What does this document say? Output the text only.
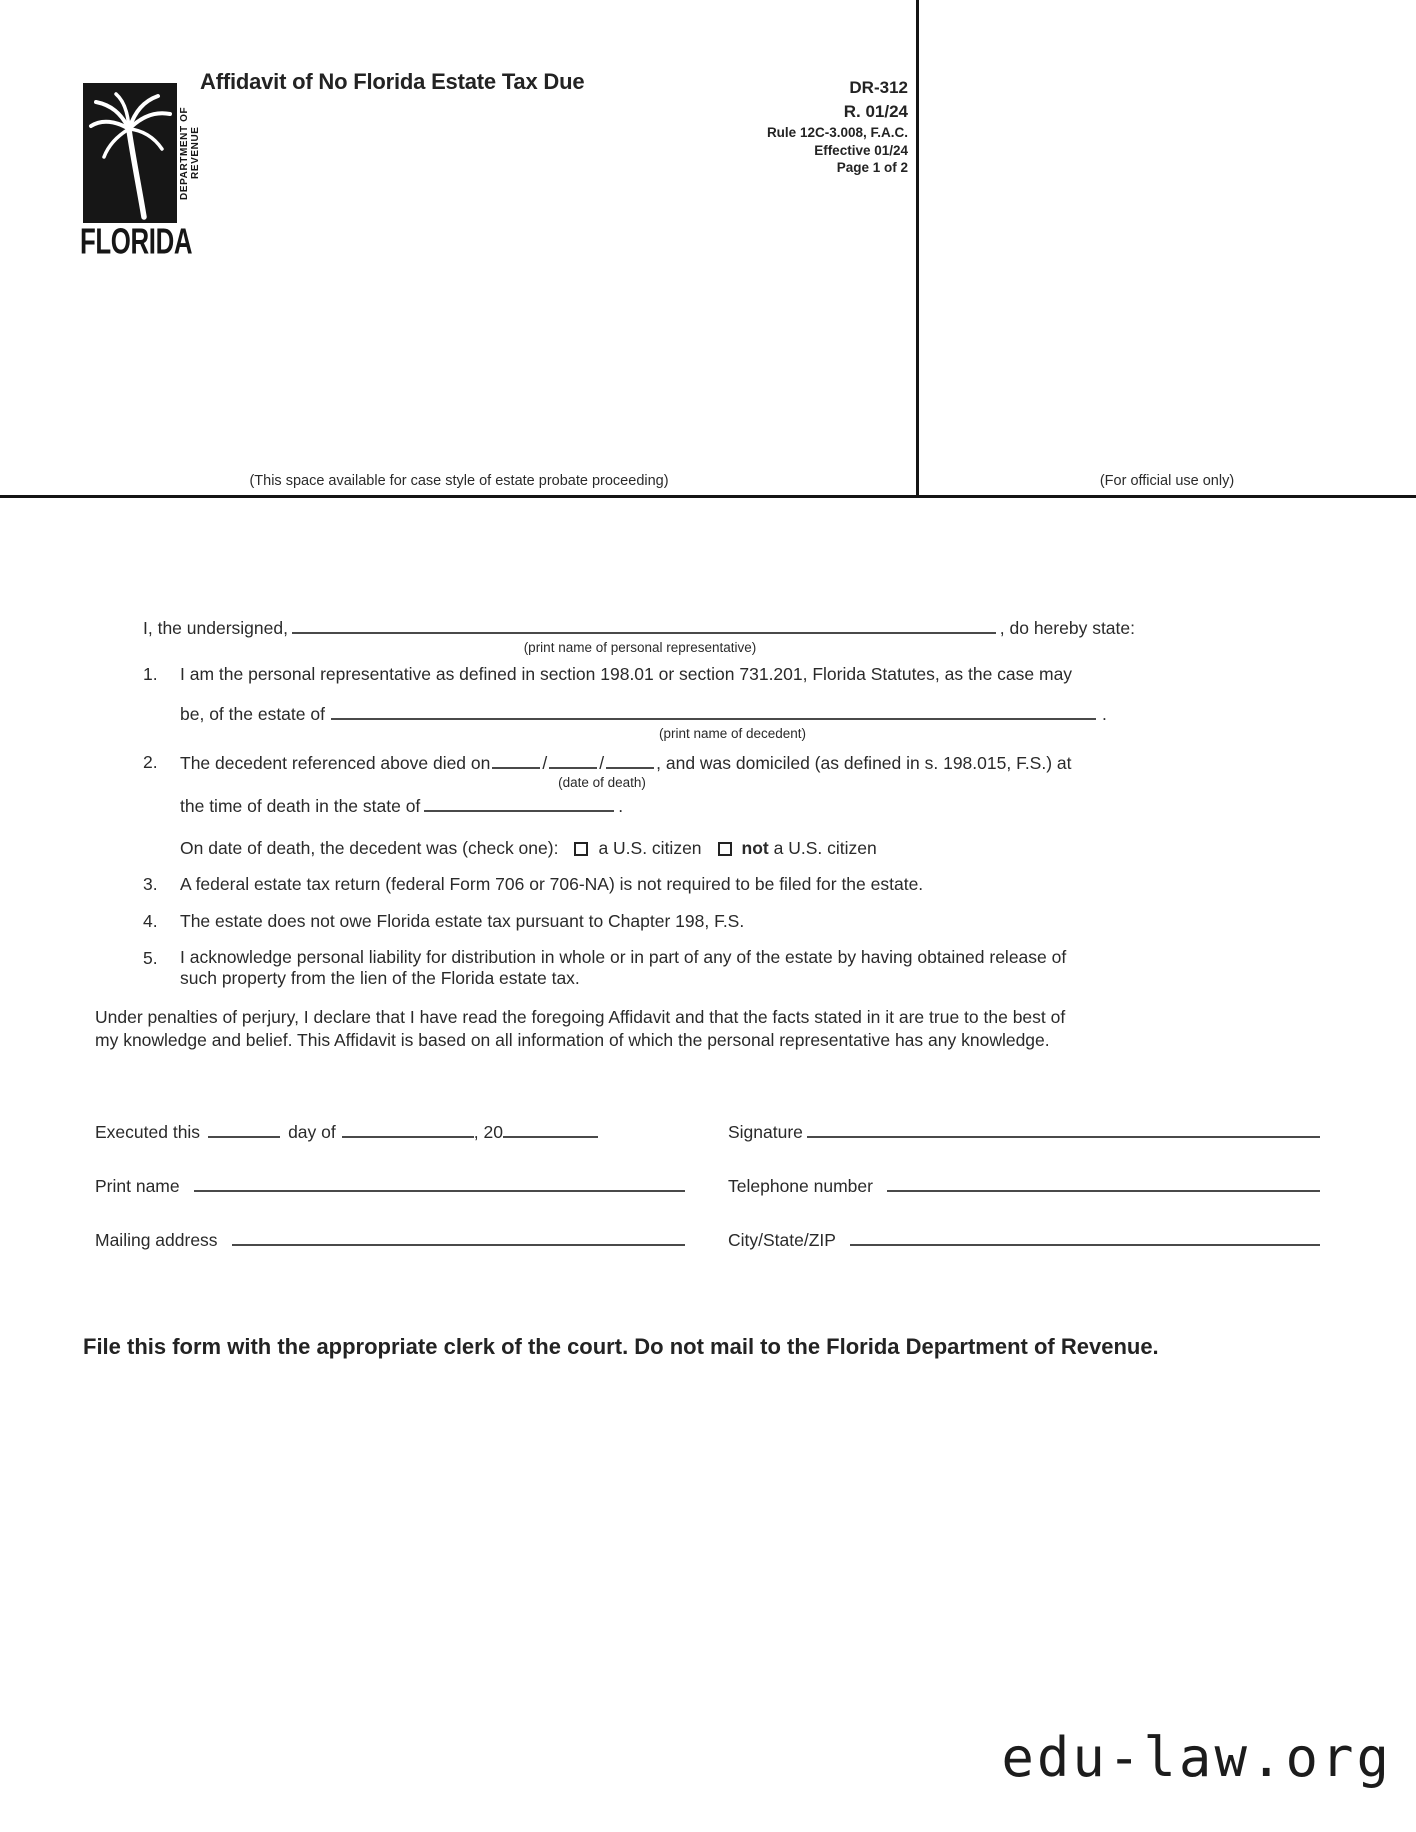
DEPARTMENT OF REVENUE
FLORIDA
Affidavit of No Florida Estate Tax Due	DR-312
R. 01/24
Rule 12C-3.008, F.A.C.
Effective 01/24
Page 1 of 2
(This space available for case style of estate probate proceeding)	(For official use only)
I, the undersigned,	, do hereby state:
(print name of personal representative)
1.	I am the personal representative as defined in section 198.01 or section 731.201, Florida Statutes, as the case may
be, of the estate of	.
(print name of decedent)
2.	The decedent referenced above died on	/	/	, and was domiciled (as defined in s. 198.015, F.S.) at
(date of death)
the time of death in the state of	.
On date of death, the decedent was (check one): a U.S. citizen not a U.S. citizen
3.	A federal estate tax return (federal Form 706 or 706-NA) is not required to be filed for the estate.
4.	The estate does not owe Florida estate tax pursuant to Chapter 198, F.S.
5.	I acknowledge personal liability for distribution in whole or in part of any of the estate by having obtained release of
such property from the lien of the Florida estate tax.
Under penalties of perjury, I declare that I have read the foregoing Affidavit and that the facts stated in it are true to the best of
my knowledge and belief. This Affidavit is based on all information of which the personal representative has any knowledge.
Executed this	day of	, 20	Signature
Print name	Telephone number
Mailing address	City/State/ZIP
File this form with the appropriate clerk of the court. Do not mail to the Florida Department of Revenue.
edu-law.org
